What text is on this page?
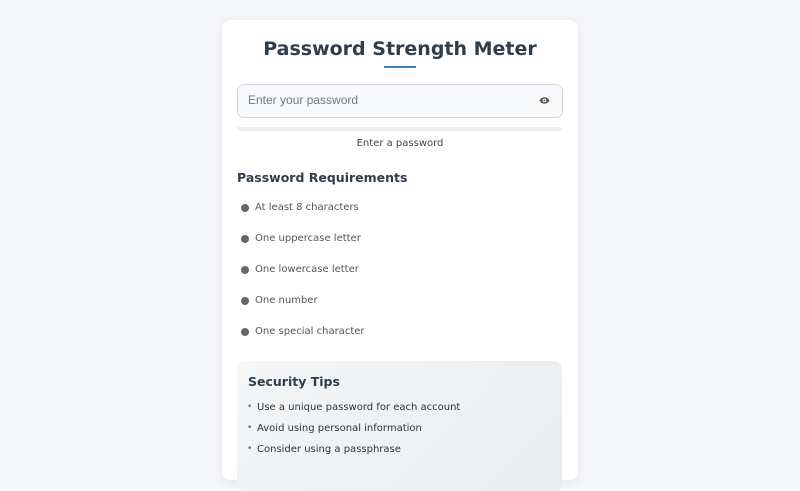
Password Strength Meter
Enter a password
Password Requirements
At least 8 characters
One uppercase letter
One lowercase letter
One number
One special character
Security Tips
• Use a unique password for each account
• Avoid using personal information
• Consider using a passphrase
